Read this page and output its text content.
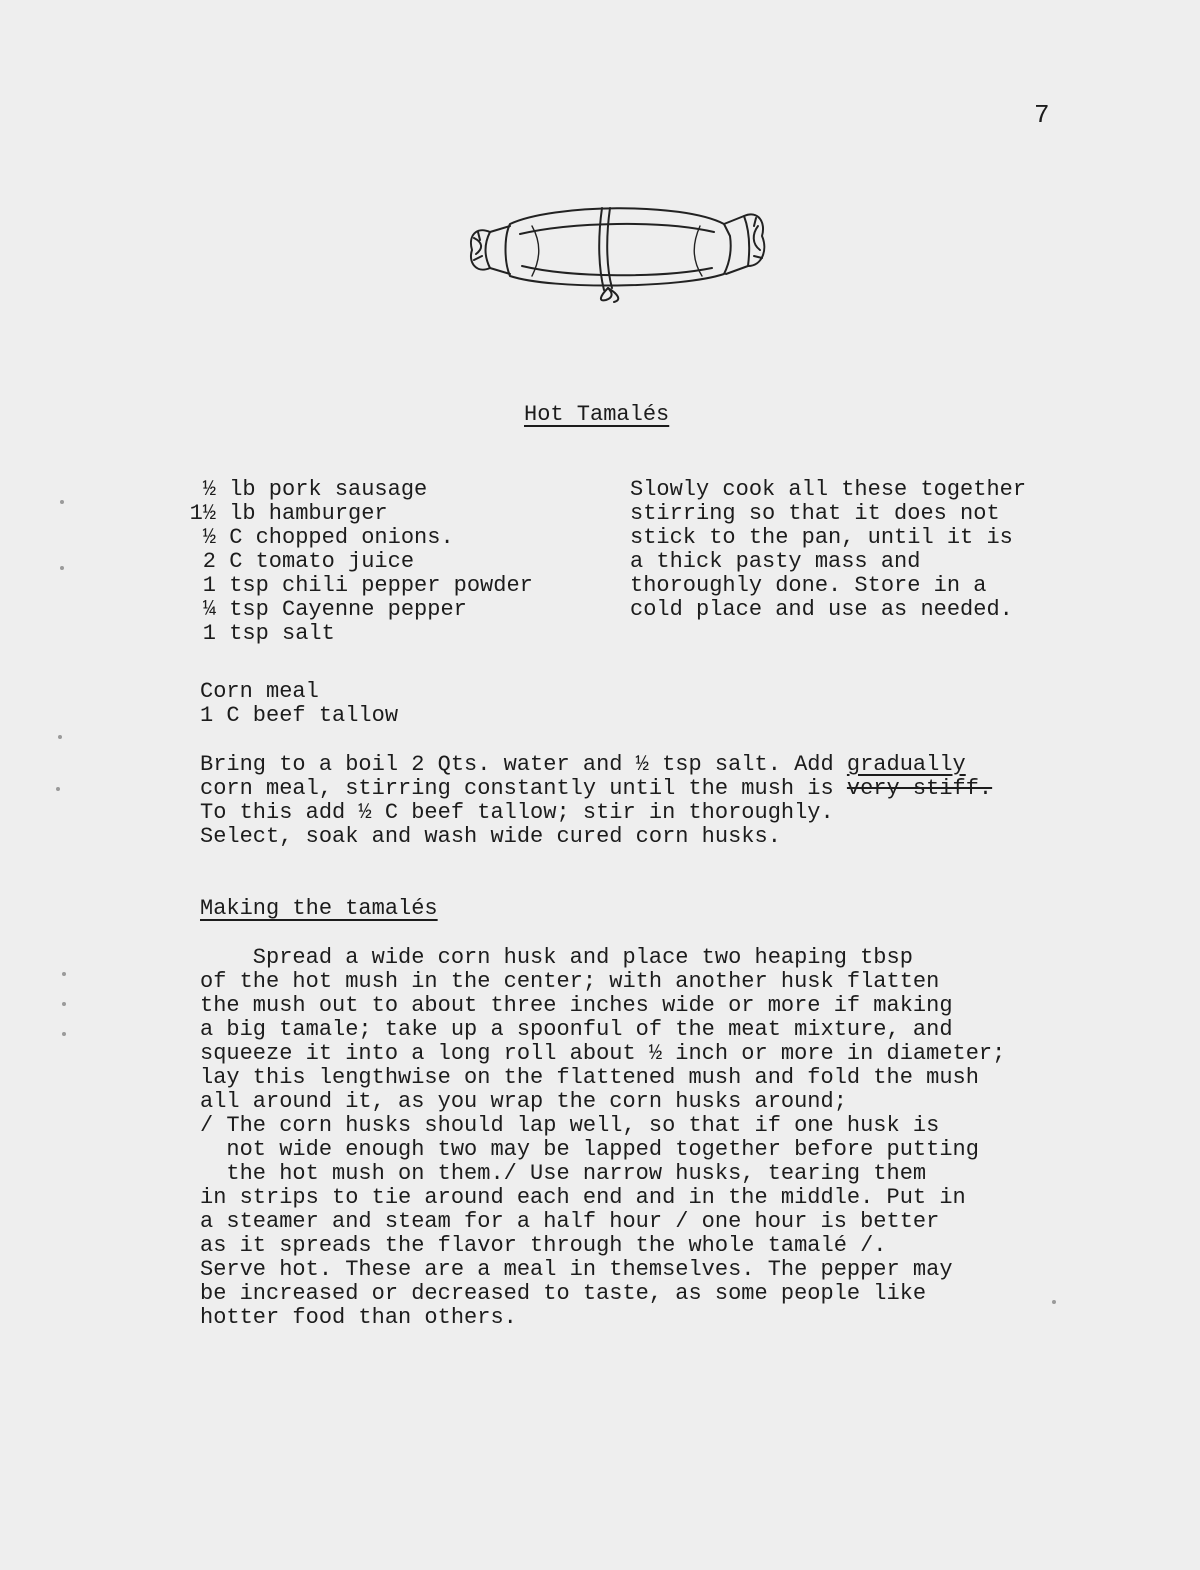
7
Hot Tamalés
½ lb pork sausage
1½ lb hamburger
½ C chopped onions.
2 C tomato juice
1 tsp chili pepper powder
¼ tsp Cayenne pepper
1 tsp salt
Slowly cook all these together
stirring so that it does not
stick to the pan, until it is
a thick pasty mass and
thoroughly done. Store in a
cold place and use as needed.
Corn meal
1 C beef tallow
Bring to a boil 2 Qts. water and ½ tsp salt. Add gradually
corn meal, stirring constantly until the mush is very stiff.
To this add ½ C beef tallow; stir in thoroughly.
Select, soak and wash wide cured corn husks.
Making the tamalés
Spread a wide corn husk and place two heaping tbsp
of the hot mush in the center; with another husk flatten
the mush out to about three inches wide or more if making
a big tamale; take up a spoonful of the meat mixture, and
squeeze it into a long roll about ½ inch or more in diameter;
lay this lengthwise on the flattened mush and fold the mush
all around it, as you wrap the corn husks around;
/ The corn husks should lap well, so that if one husk is
not wide enough two may be lapped together before putting
the hot mush on them./ Use narrow husks, tearing them
in strips to tie around each end and in the middle. Put in
a steamer and steam for a half hour / one hour is better
as it spreads the flavor through the whole tamalé /.
Serve hot. These are a meal in themselves. The pepper may
be increased or decreased to taste, as some people like
hotter food than others.
